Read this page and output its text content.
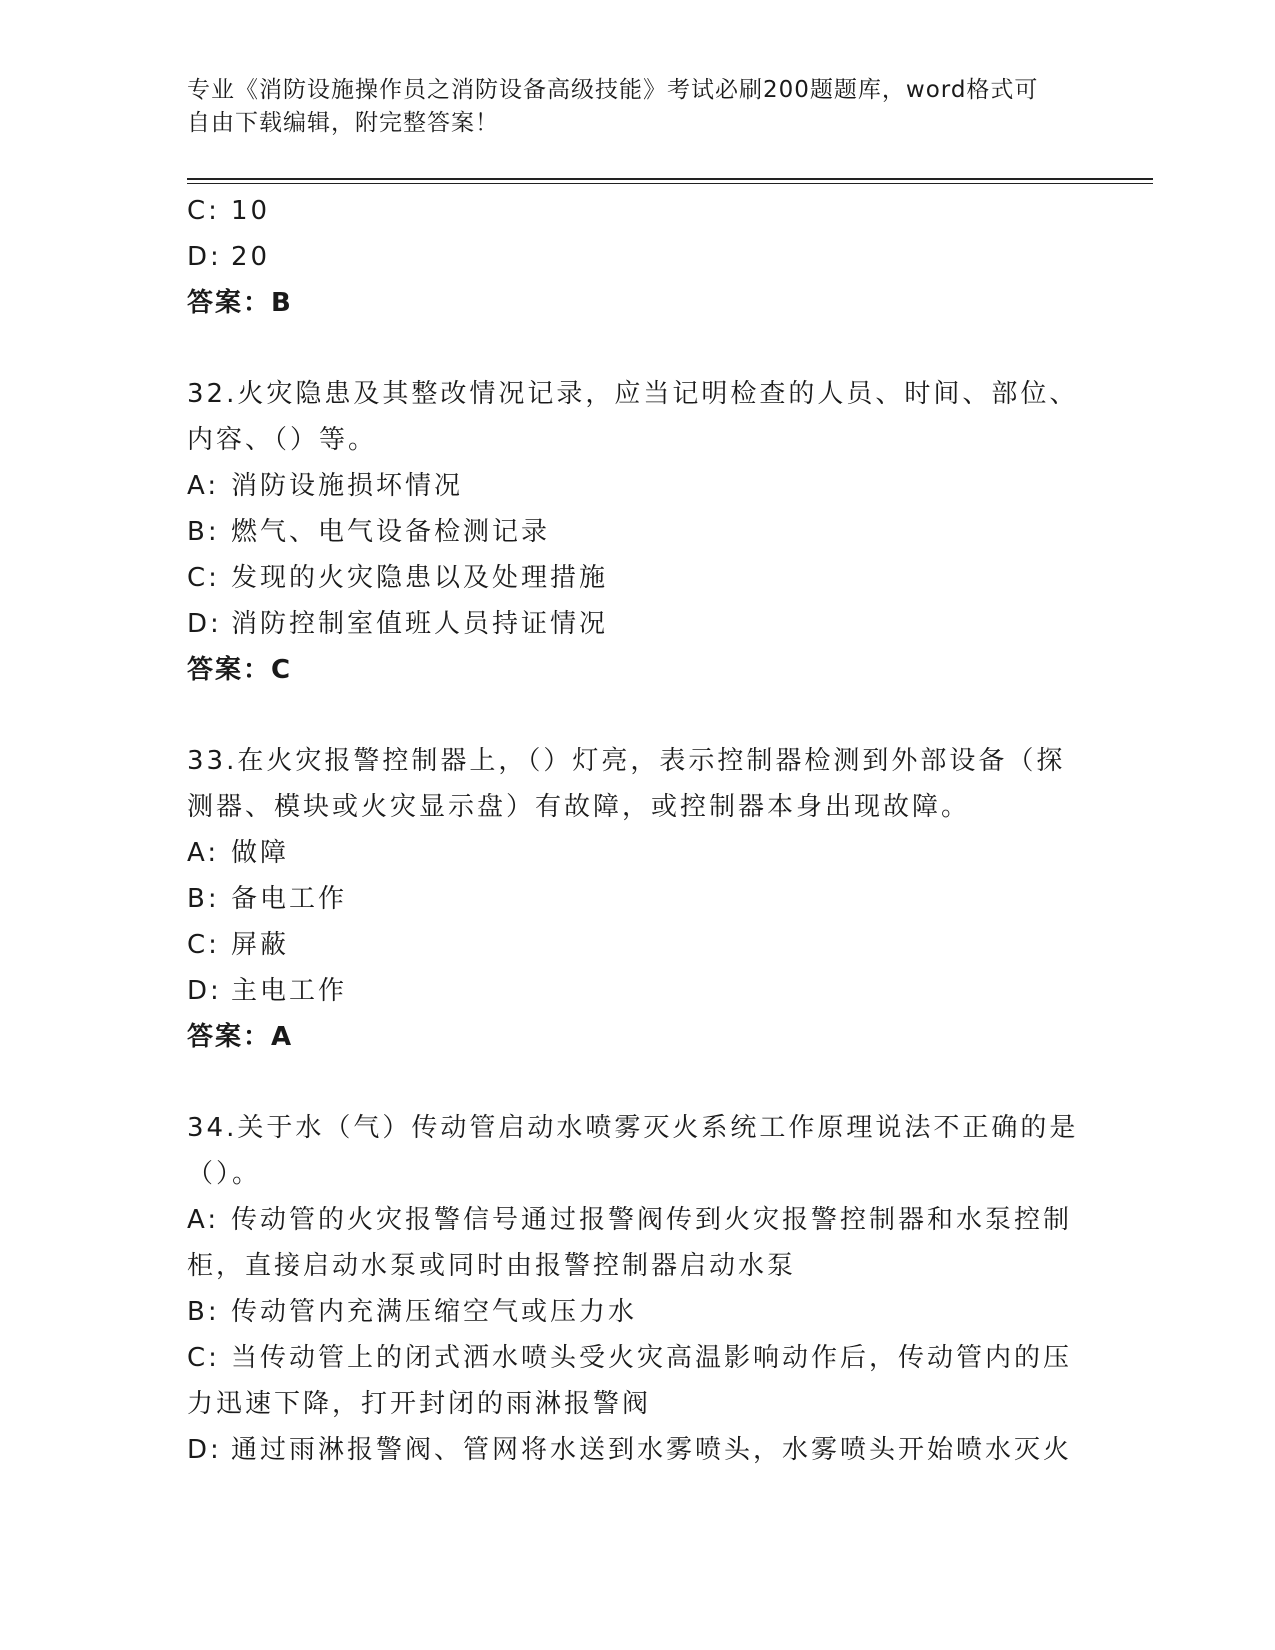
专业《消防设施操作员之消防设备高级技能》考试必刷200题题库，word格式可
自由下载编辑，附完整答案！
C: 10
D: 20
答案：B
32.火灾隐患及其整改情况记录，应当记明检查的人员、时间、部位、
内容、（）等。
A: 消防设施损坏情况
B: 燃气、电气设备检测记录
C: 发现的火灾隐患以及处理措施
D: 消防控制室值班人员持证情况
答案：C
33.在火灾报警控制器上，（）灯亮，表示控制器检测到外部设备（探
测器、模块或火灾显示盘）有故障，或控制器本身出现故障。
A: 做障
B: 备电工作
C: 屏蔽
D: 主电工作
答案：A
34.关于水（气）传动管启动水喷雾灭火系统工作原理说法不正确的是
（）。
A: 传动管的火灾报警信号通过报警阀传到火灾报警控制器和水泵控制
柜，直接启动水泵或同时由报警控制器启动水泵
B: 传动管内充满压缩空气或压力水
C: 当传动管上的闭式洒水喷头受火灾高温影响动作后，传动管内的压
力迅速下降，打开封闭的雨淋报警阀
D: 通过雨淋报警阀、管网将水送到水雾喷头，水雾喷头开始喷水灭火
